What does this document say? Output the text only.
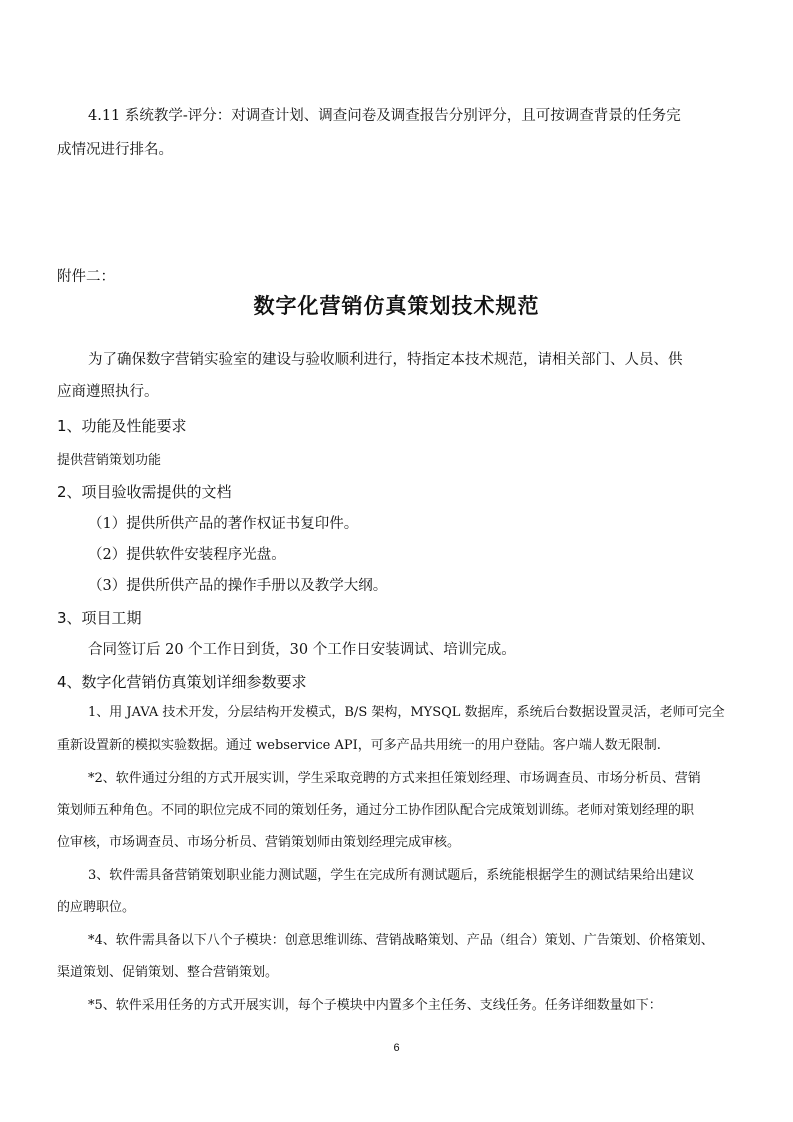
4.11 系统教学-评分：对调查计划、调查问卷及调查报告分别评分，且可按调查背景的任务完
成情况进行排名。
附件二：
数字化营销仿真策划技术规范
为了确保数字营销实验室的建设与验收顺利进行，特指定本技术规范，请相关部门、人员、供
应商遵照执行。
1、功能及性能要求
提供营销策划功能
2、项目验收需提供的文档
（1）提供所供产品的著作权证书复印件。
（2）提供软件安装程序光盘。
（3）提供所供产品的操作手册以及教学大纲。
3、项目工期
合同签订后 20 个工作日到货，30 个工作日安装调试、培训完成。
4、数字化营销仿真策划详细参数要求
1、用 JAVA 技术开发，分层结构开发模式，B/S 架构，MYSQL 数据库，系统后台数据设置灵活，老师可完全
重新设置新的模拟实验数据。通过 webservice API，可多产品共用统一的用户登陆。客户端人数无限制.
*2、软件通过分组的方式开展实训，学生采取竞聘的方式来担任策划经理、市场调查员、市场分析员、营销
策划师五种角色。不同的职位完成不同的策划任务，通过分工协作团队配合完成策划训练。老师对策划经理的职
位审核，市场调查员、市场分析员、营销策划师由策划经理完成审核。
3、软件需具备营销策划职业能力测试题，学生在完成所有测试题后，系统能根据学生的测试结果给出建议
的应聘职位。
*4、软件需具备以下八个子模块：创意思维训练、营销战略策划、产品（组合）策划、广告策划、价格策划、
渠道策划、促销策划、整合营销策划。
*5、软件采用任务的方式开展实训，每个子模块中内置多个主任务、支线任务。任务详细数量如下：
6
